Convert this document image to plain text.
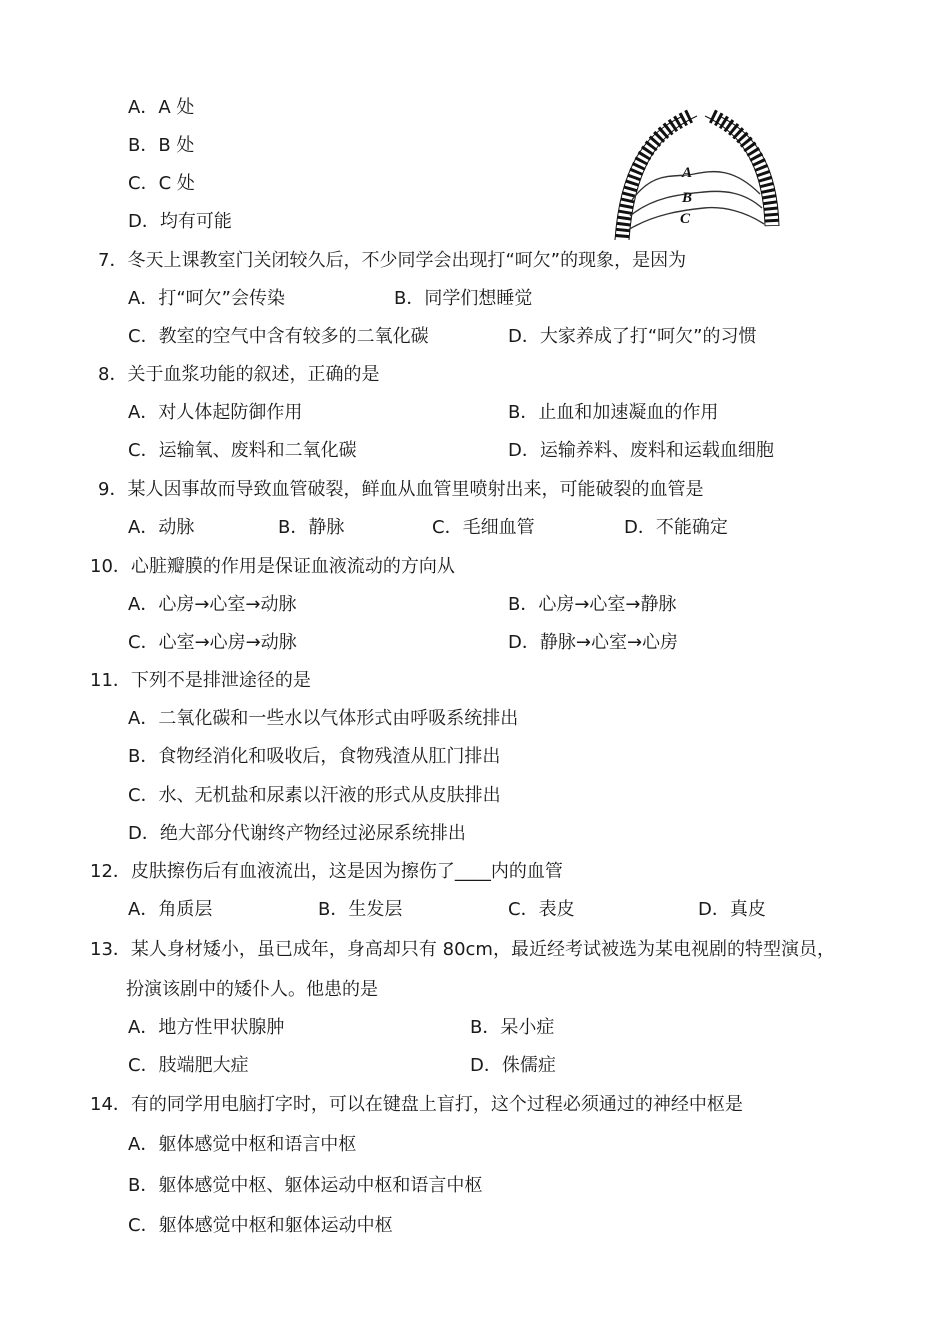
A．A 处
B．B 处
C．C 处
D．均有可能
A
B
C
7．冬天上课教室门关闭较久后，不少同学会出现打“呵欠”的现象，是因为
A．打“呵欠”会传染	B．同学们想睡觉
C．教室的空气中含有较多的二氧化碳	D．大家养成了打“呵欠”的习惯
8．关于血浆功能的叙述，正确的是
A．对人体起防御作用	B．止血和加速凝血的作用
C．运输氧、废料和二氧化碳	D．运输养料、废料和运载血细胞
9．某人因事故而导致血管破裂，鲜血从血管里喷射出来，可能破裂的血管是
A．动脉	B．静脉	C．毛细血管	D．不能确定
10．心脏瓣膜的作用是保证血液流动的方向从
A．心房→心室→动脉	B．心房→心室→静脉
C．心室→心房→动脉	D．静脉→心室→心房
11．下列不是排泄途径的是
A．二氧化碳和一些水以气体形式由呼吸系统排出
B．食物经消化和吸收后，食物残渣从肛门排出
C．水、无机盐和尿素以汗液的形式从皮肤排出
D．绝大部分代谢终产物经过泌尿系统排出
12．皮肤擦伤后有血液流出，这是因为擦伤了____内的血管
A．角质层	B．生发层	C．表皮	D．真皮
13．某人身材矮小，虽已成年，身高却只有 80cm，最近经考试被选为某电视剧的特型演员，
扮演该剧中的矮仆人。他患的是
A．地方性甲状腺肿	B．呆小症
C．肢端肥大症	D．侏儒症
14．有的同学用电脑打字时，可以在键盘上盲打，这个过程必须通过的神经中枢是
A．躯体感觉中枢和语言中枢
B．躯体感觉中枢、躯体运动中枢和语言中枢
C．躯体感觉中枢和躯体运动中枢
